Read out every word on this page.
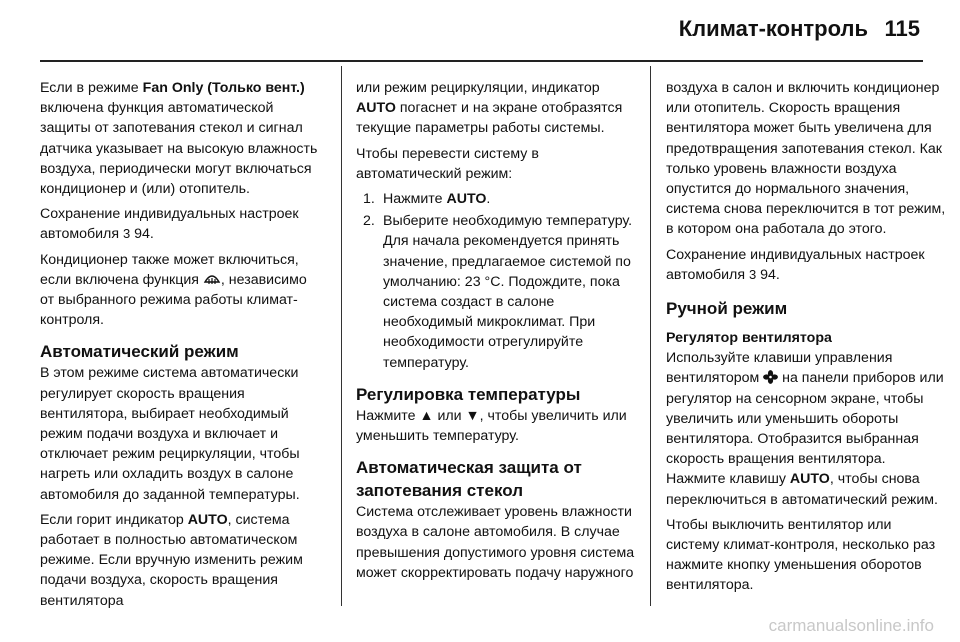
Климат-контроль 115

Если в режиме Fan Only (Только вент.) включена функция автоматической защиты от запотевания стекол и сигнал датчика указывает на высокую влажность воздуха, периодически могут включаться кондиционер и (или) отопитель.

Сохранение индивидуальных настроек автомобиля 3 94.

Кондиционер также может включиться, если включена функция , независимо от выбранного режима работы климат-контроля.

Автоматический режим

В этом режиме система автоматически регулирует скорость вращения вентилятора, выбирает необходимый режим подачи воздуха и включает и отключает режим рециркуляции, чтобы нагреть или охладить воздух в салоне автомобиля до заданной температуры.

Если горит индикатор AUTO, система работает в полностью автоматическом режиме. Если вручную изменить режим подачи воздуха, скорость вращения вентилятора

или режим рециркуляции, индикатор AUTO погаснет и на экране отобразятся текущие параметры работы системы.

Чтобы перевести систему в автоматический режим:

1. Нажмите AUTO.
2. Выберите необходимую температуру. Для начала рекомендуется принять значение, предлагаемое системой по умолчанию: 23 °C. Подождите, пока система создаст в салоне необходимый микроклимат. При необходимости отрегулируйте температуру.
Регулировка температуры

Нажмите ▲ или ▼, чтобы увеличить или уменьшить температуру.

Автоматическая защита от запотевания стекол

Система отслеживает уровень влажности воздуха в салоне автомобиля. В случае превышения допустимого уровня система может скорректировать подачу наружного

воздуха в салон и включить кондиционер или отопитель. Скорость вращения вентилятора может быть увеличена для предотвращения запотевания стекол. Как только уровень влажности воздуха опустится до нормального значения, система снова переключится в тот режим, в котором она работала до этого.

Сохранение индивидуальных настроек автомобиля 3 94.

Ручной режим
Регулятор вентилятора

Используйте клавиши управления вентилятором  на панели приборов или регулятор на сенсорном экране, чтобы увеличить или уменьшить обороты вентилятора. Отобразится выбранная скорость вращения вентилятора. Нажмите клавишу AUTO, чтобы снова переключиться в автоматический режим.

Чтобы выключить вентилятор или систему климат-контроля, несколько раз нажмите кнопку уменьшения оборотов вентилятора.

carmanualsonline.info
